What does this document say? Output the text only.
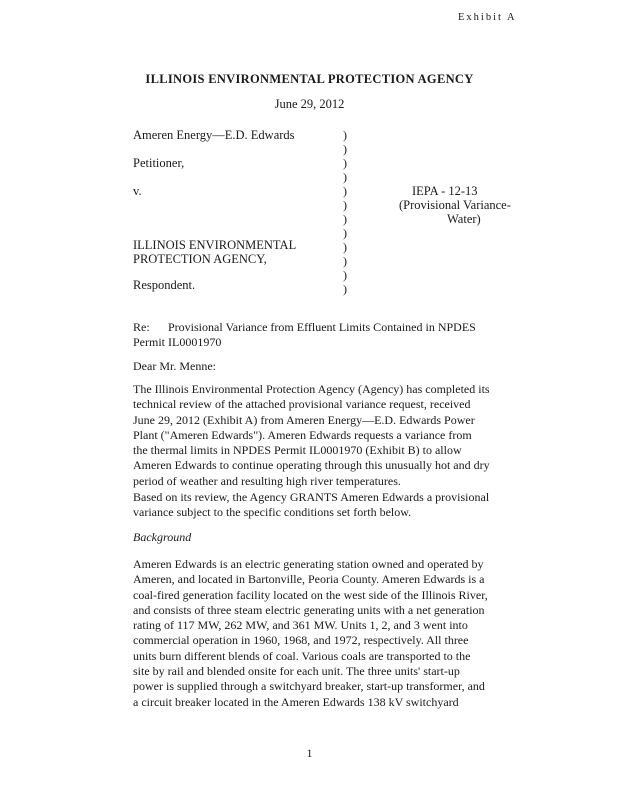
Exhibit A
ILLINOIS ENVIRONMENTAL PROTECTION AGENCY
June 29, 2012
Ameren Energy—E.D. Edwards
Petitioner,
v.	IEPA - 12-13
(Provisional Variance-
Water)
ILLINOIS ENVIRONMENTAL
PROTECTION AGENCY,
Respondent.
)
)
)
)
)
)
)
)
)
)
)
)
Re: Provisional Variance from Effluent Limits Contained in NPDES
Permit IL0001970
Dear Mr. Menne:
The Illinois Environmental Protection Agency (Agency) has completed its
technical review of the attached provisional variance request, received
June 29, 2012 (Exhibit A) from Ameren Energy—E.D. Edwards Power
Plant ("Ameren Edwards"). Ameren Edwards requests a variance from
the thermal limits in NPDES Permit IL0001970 (Exhibit B) to allow
Ameren Edwards to continue operating through this unusually hot and dry
period of weather and resulting high river temperatures.
Based on its review, the Agency GRANTS Ameren Edwards a provisional
variance subject to the specific conditions set forth below.
Background
Ameren Edwards is an electric generating station owned and operated by
Ameren, and located in Bartonville, Peoria County. Ameren Edwards is a
coal-fired generation facility located on the west side of the Illinois River,
and consists of three steam electric generating units with a net generation
rating of 117 MW, 262 MW, and 361 MW. Units 1, 2, and 3 went into
commercial operation in 1960, 1968, and 1972, respectively. All three
units burn different blends of coal. Various coals are transported to the
site by rail and blended onsite for each unit. The three units' start-up
power is supplied through a switchyard breaker, start-up transformer, and
a circuit breaker located in the Ameren Edwards 138 kV switchyard
1
